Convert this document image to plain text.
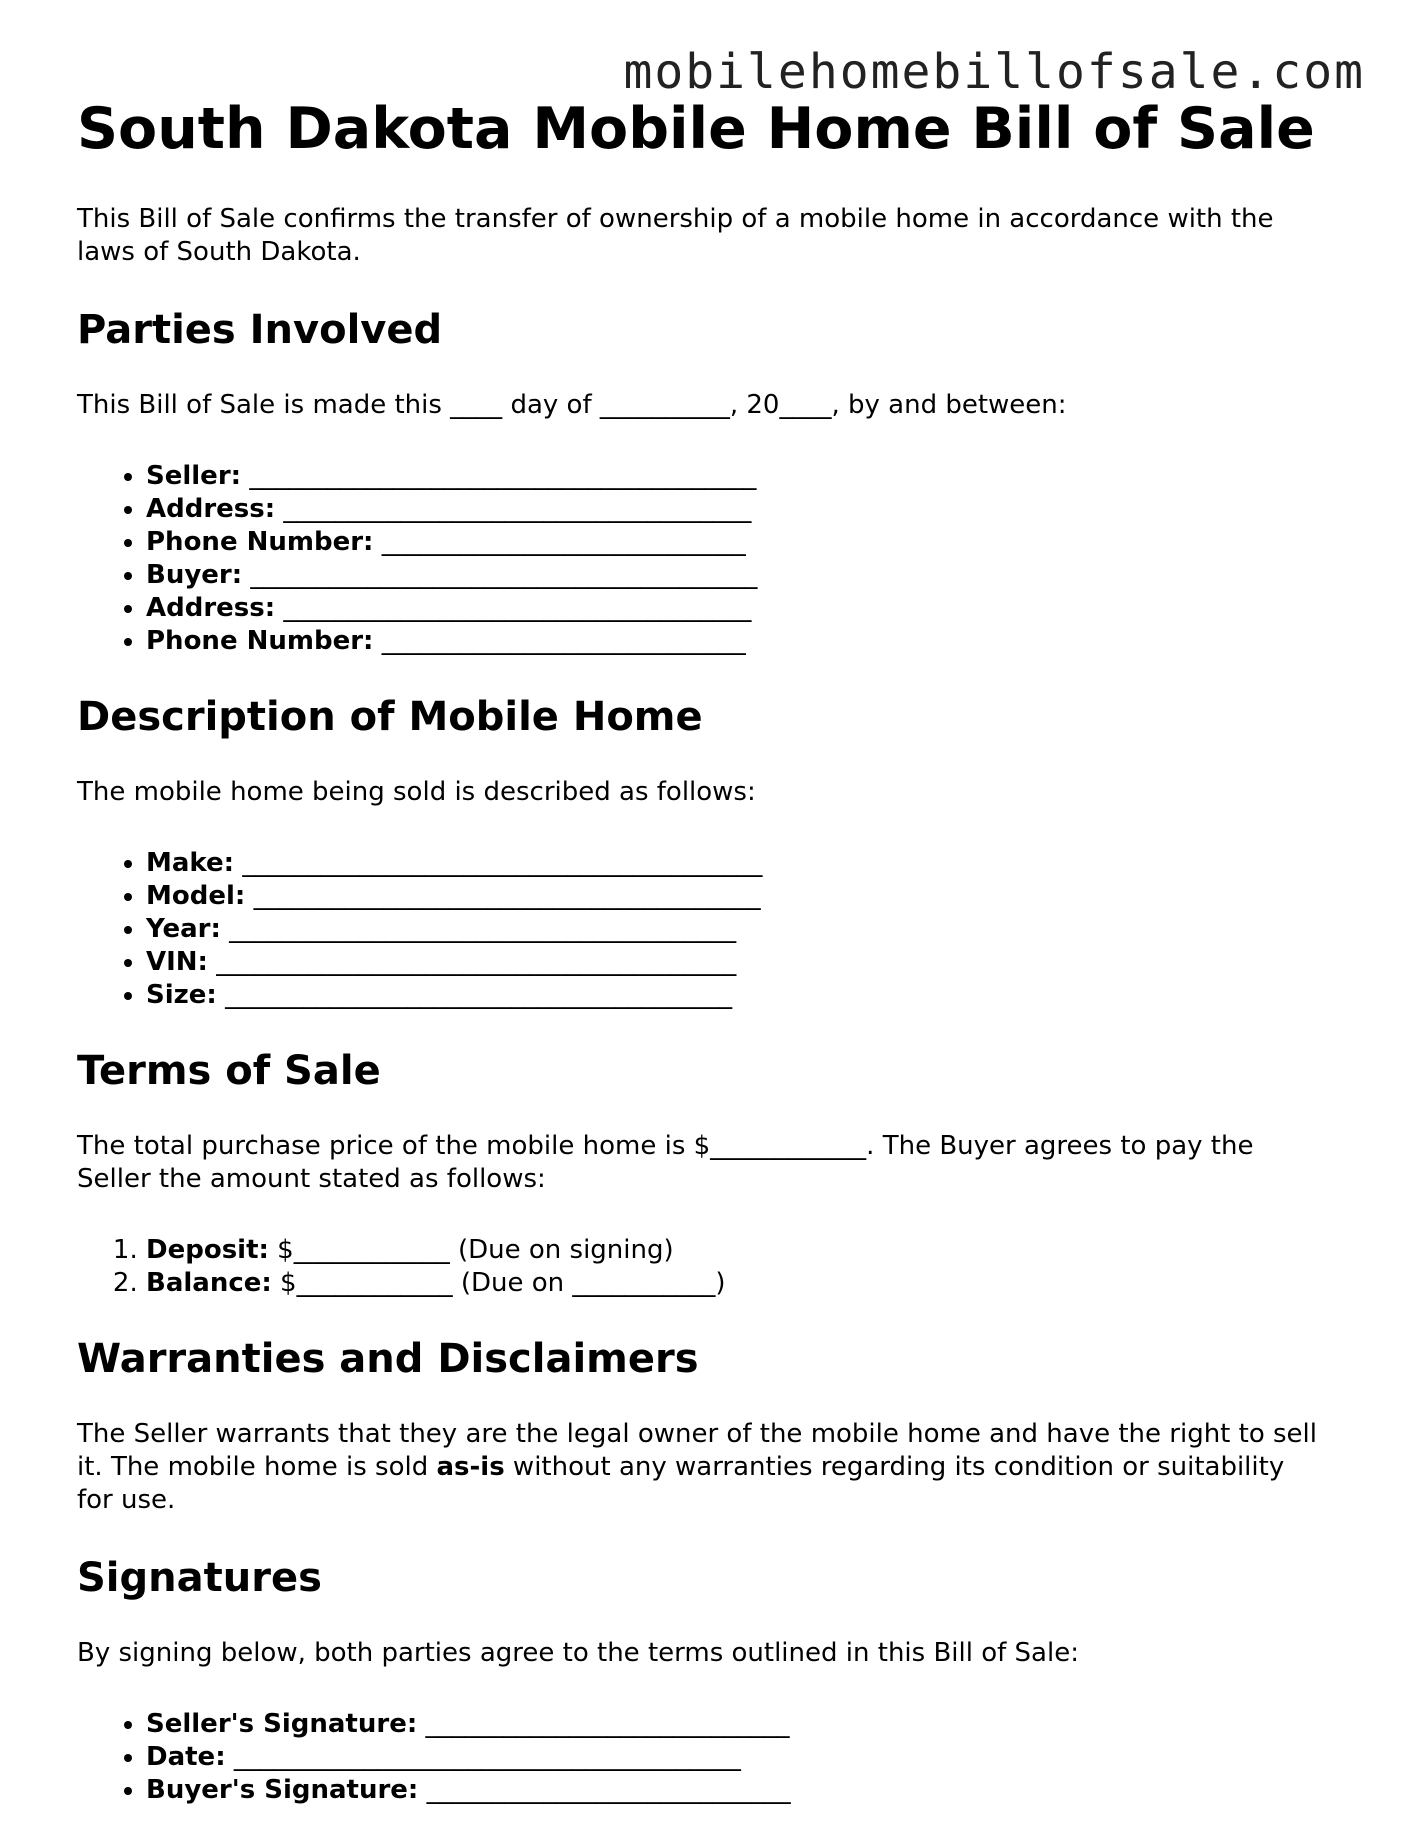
mobilehomebillofsale.com
South Dakota Mobile Home Bill of Sale

This Bill of Sale confirms the transfer of ownership of a mobile home in accordance with the laws of South Dakota.

Parties Involved

This Bill of Sale is made this ____ day of __________, 20____, by and between:

• Seller: _______________________________________
• Address: ____________________________________
• Phone Number: ____________________________
• Buyer: _______________________________________
• Address: ____________________________________
• Phone Number: ____________________________
Description of Mobile Home

The mobile home being sold is described as follows:

• Make: ________________________________________
• Model: _______________________________________
• Year: _______________________________________
• VIN: ________________________________________
• Size: _______________________________________
Terms of Sale

The total purchase price of the mobile home is $____________. The Buyer agrees to pay the Seller the amount stated as follows:

1. Deposit: $____________ (Due on signing)
2. Balance: $____________ (Due on ___________)
Warranties and Disclaimers

The Seller warrants that they are the legal owner of the mobile home and have the right to sell it. The mobile home is sold as-is without any warranties regarding its condition or suitability for use.

Signatures

By signing below, both parties agree to the terms outlined in this Bill of Sale:

• Seller's Signature: ____________________________
• Date: _______________________________________
• Buyer's Signature: ____________________________
